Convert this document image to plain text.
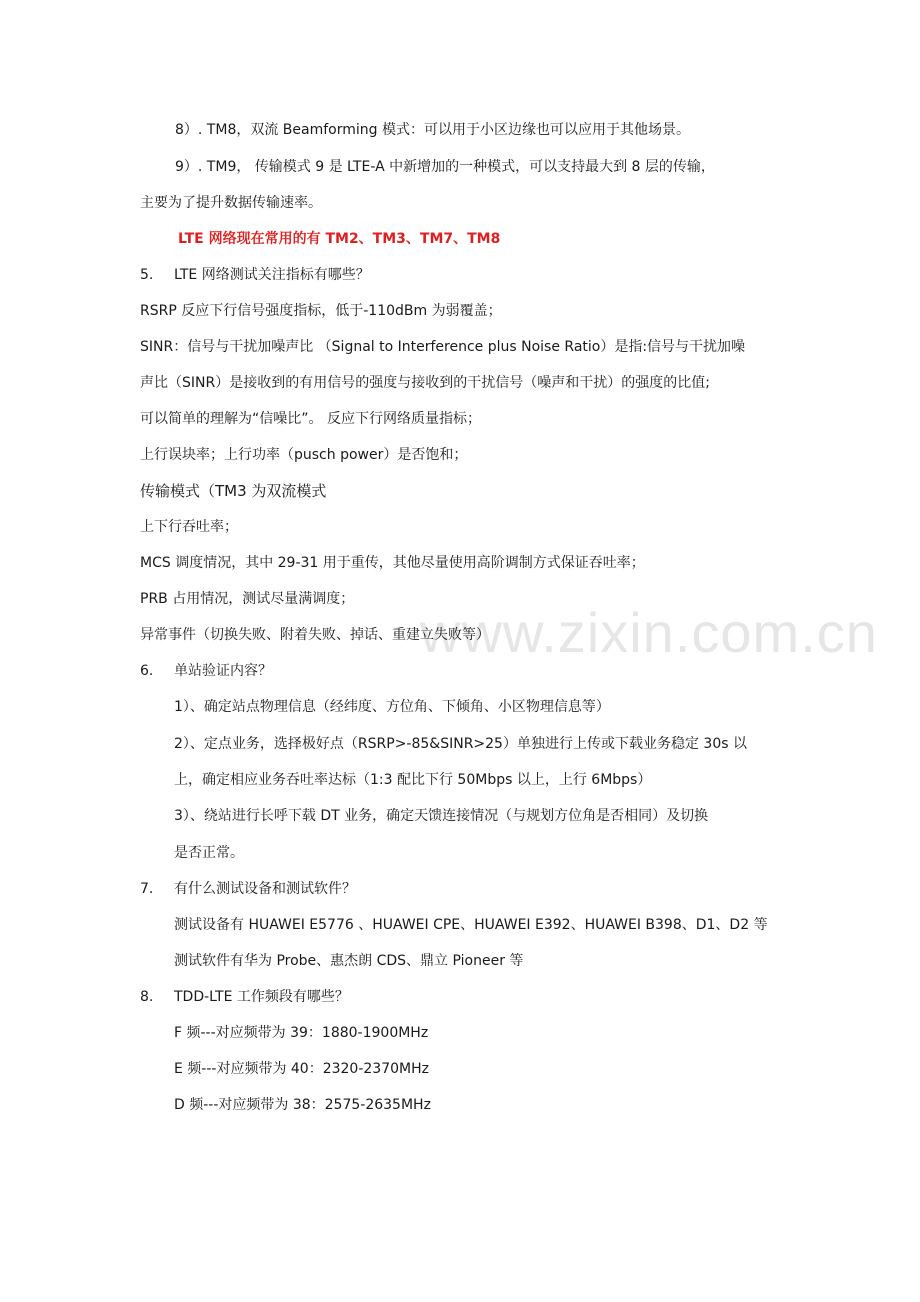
www.zixin.com.cn
8）. TM8，双流 Beamforming 模式：可以用于小区边缘也可以应用于其他场景。
9）. TM9， 传输模式 9 是 LTE-A 中新增加的一种模式，可以支持最大到 8 层的传输，
主要为了提升数据传输速率。
LTE 网络现在常用的有 TM2、TM3、TM7、TM8
5. LTE 网络测试关注指标有哪些？
RSRP 反应下行信号强度指标，低于-110dBm 为弱覆盖；
SINR：信号与干扰加噪声比 （Signal to Interference plus Noise Ratio）是指:信号与干扰加噪
声比（SINR）是接收到的有用信号的强度与接收到的干扰信号（噪声和干扰）的强度的比值;
可以简单的理解为“信噪比”。 反应下行网络质量指标；
上行误块率；上行功率（pusch power）是否饱和；
传输模式（TM3 为双流模式
上下行吞吐率；
MCS 调度情况，其中 29-31 用于重传，其他尽量使用高阶调制方式保证吞吐率；
PRB 占用情况，测试尽量满调度；
异常事件（切换失败、附着失败、掉话、重建立失败等）
6. 单站验证内容？
1）、确定站点物理信息（经纬度、方位角、下倾角、小区物理信息等）
2）、定点业务，选择极好点（RSRP>-85&SINR>25）单独进行上传或下载业务稳定 30s 以
上，确定相应业务吞吐率达标（1:3 配比下行 50Mbps 以上，上行 6Mbps）
3）、绕站进行长呼下载 DT 业务，确定天馈连接情况（与规划方位角是否相同）及切换
是否正常。
7. 有什么测试设备和测试软件？
测试设备有 HUAWEI E5776 、HUAWEI CPE、HUAWEI E392、HUAWEI B398、D1、D2 等
测试软件有华为 Probe、惠杰朗 CDS、鼎立 Pioneer 等
8. TDD-LTE 工作频段有哪些？
F 频---对应频带为 39：1880-1900MHz
E 频---对应频带为 40：2320-2370MHz
D 频---对应频带为 38：2575-2635MHz
